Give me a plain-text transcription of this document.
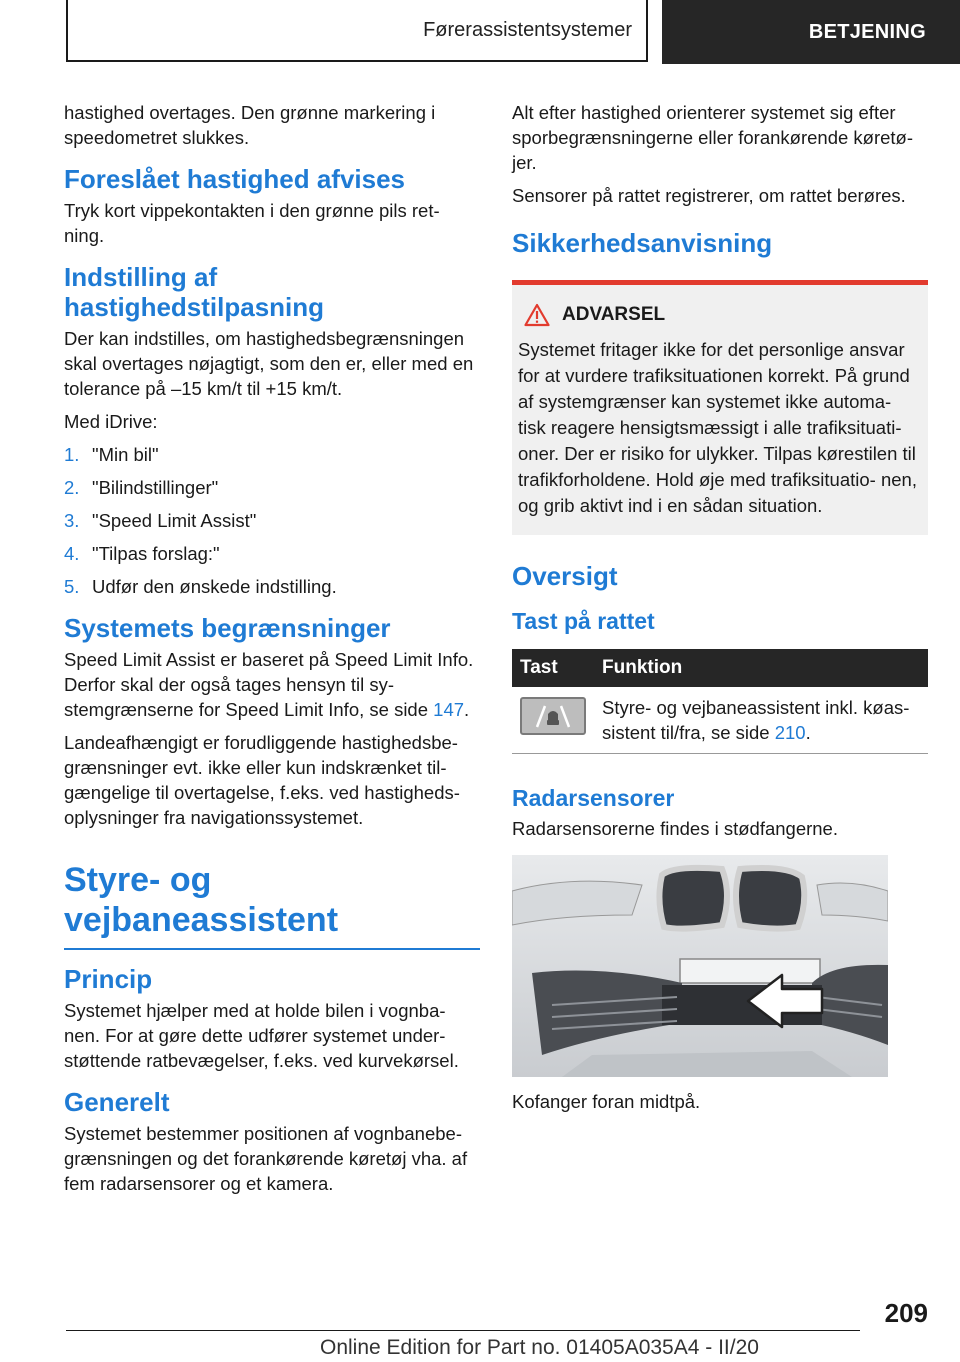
Førerassistentsystemer	BETJENING

hastighed overtages. Den grønne markering i speedometret slukkes.

Foreslået hastighed afvises

Tryk kort vippekontakten i den grønne pils ret- ning.

Indstilling af
hastighedstilpasning

Der kan indstilles, om hastighedsbegrænsningen skal overtages nøjagtigt, som den er, eller med en tolerance på –15 km/t til +15 km/t.

Med iDrive:

1. "Min bil"
2. "Bilindstillinger"
3. "Speed Limit Assist"
4. "Tilpas forslag:"
5. Udfør den ønskede indstilling.
Systemets begrænsninger

Speed Limit Assist er baseret på Speed Limit Info. Derfor skal der også tages hensyn til sy- stemgrænserne for Speed Limit Info, se side 147.

Landeafhængigt er forudliggende hastighedsbe- grænsninger evt. ikke eller kun indskrænket til- gængelige til overtagelse, f.eks. ved hastigheds- oplysninger fra navigationssystemet.

Styre- og vejbaneassistent
Princip

Systemet hjælper med at holde bilen i vognba- nen. For at gøre dette udfører systemet under- støttende ratbevægelser, f.eks. ved kurvekørsel.

Generelt

Systemet bestemmer positionen af vognbanebe- grænsningen og det forankørende køretøj vha. af fem radarsensorer og et kamera.

Alt efter hastighed orienterer systemet sig efter sporbegrænsningerne eller forankørende køretø- jer.

Sensorer på rattet registrerer, om rattet berøres.

Sikkerhedsanvisning
ADVARSEL

Systemet fritager ikke for det personlige ansvar for at vurdere trafiksituationen korrekt. På grund af systemgrænser kan systemet ikke automa- tisk reagere hensigtsmæssigt i alle trafiksituati- oner. Der er risiko for ulykker. Tilpas kørestilen til trafikforholdene. Hold øje med trafiksituatio- nen, og grib aktivt ind i en sådan situation.

Oversigt
Tast på rattet
Tast	Funktion

	Styre- og vejbaneassistent inkl. køas- sistent til/fra, se side 210.
Radarsensorer

Radarsensorerne findes i stødfangerne.

Kofanger foran midtpå.

209
Online Edition for Part no. 01405A035A4 - II/20
